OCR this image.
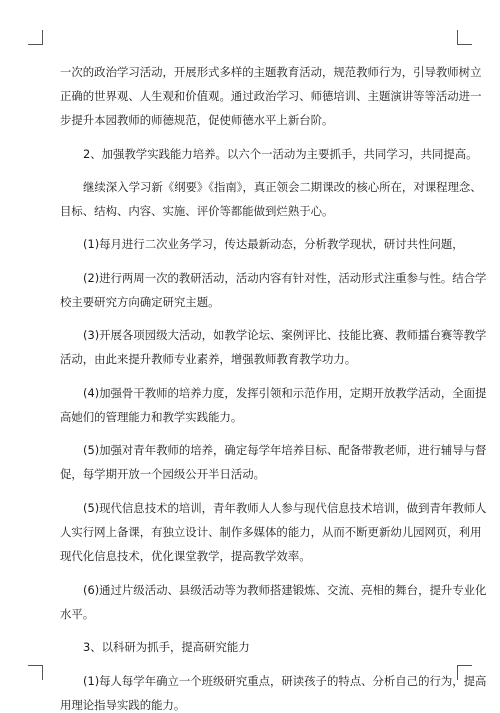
一次的政治学习活动，开展形式多样的主题教育活动，规范教师行为，引导教师树立
正确的世界观、人生观和价值观。通过政治学习、师德培训、主题演讲等等活动进一
步提升本园教师的师德规范，促使师德水平上新台阶。
2、加强教学实践能力培养。以六个一活动为主要抓手，共同学习，共同提高。
继续深入学习新《纲要》《指南》，真正领会二期课改的核心所在，对课程理念、
目标、结构、内容、实施、评价等都能做到烂熟于心。
(1)每月进行二次业务学习，传达最新动态，分析教学现状，研讨共性问题，
(2)进行两周一次的教研活动，活动内容有针对性，活动形式注重参与性。结合学
校主要研究方向确定研究主题。
(3)开展各项园级大活动，如教学论坛、案例评比、技能比赛、教师擂台赛等教学
活动，由此来提升教师专业素养，增强教师教育教学功力。
(4)加强骨干教师的培养力度，发挥引领和示范作用，定期开放教学活动，全面提
高她们的管理能力和教学实践能力。
(5)加强对青年教师的培养，确定每学年培养目标、配备带教老师，进行辅导与督
促，每学期开放一个园级公开半日活动。
(5)现代信息技术的培训，青年教师人人参与现代信息技术培训，做到青年教师人
人实行网上备课，有独立设计、制作多媒体的能力，从而不断更新幼儿园网页，利用
现代化信息技术，优化课堂教学，提高教学效率。
(6)通过片级活动、县级活动等为教师搭建锻炼、交流、亮相的舞台，提升专业化
水平。
3、以科研为抓手，提高研究能力
(1)每人每学年确立一个班级研究重点，研读孩子的特点、分析自己的行为，提高
用理论指导实践的能力。
